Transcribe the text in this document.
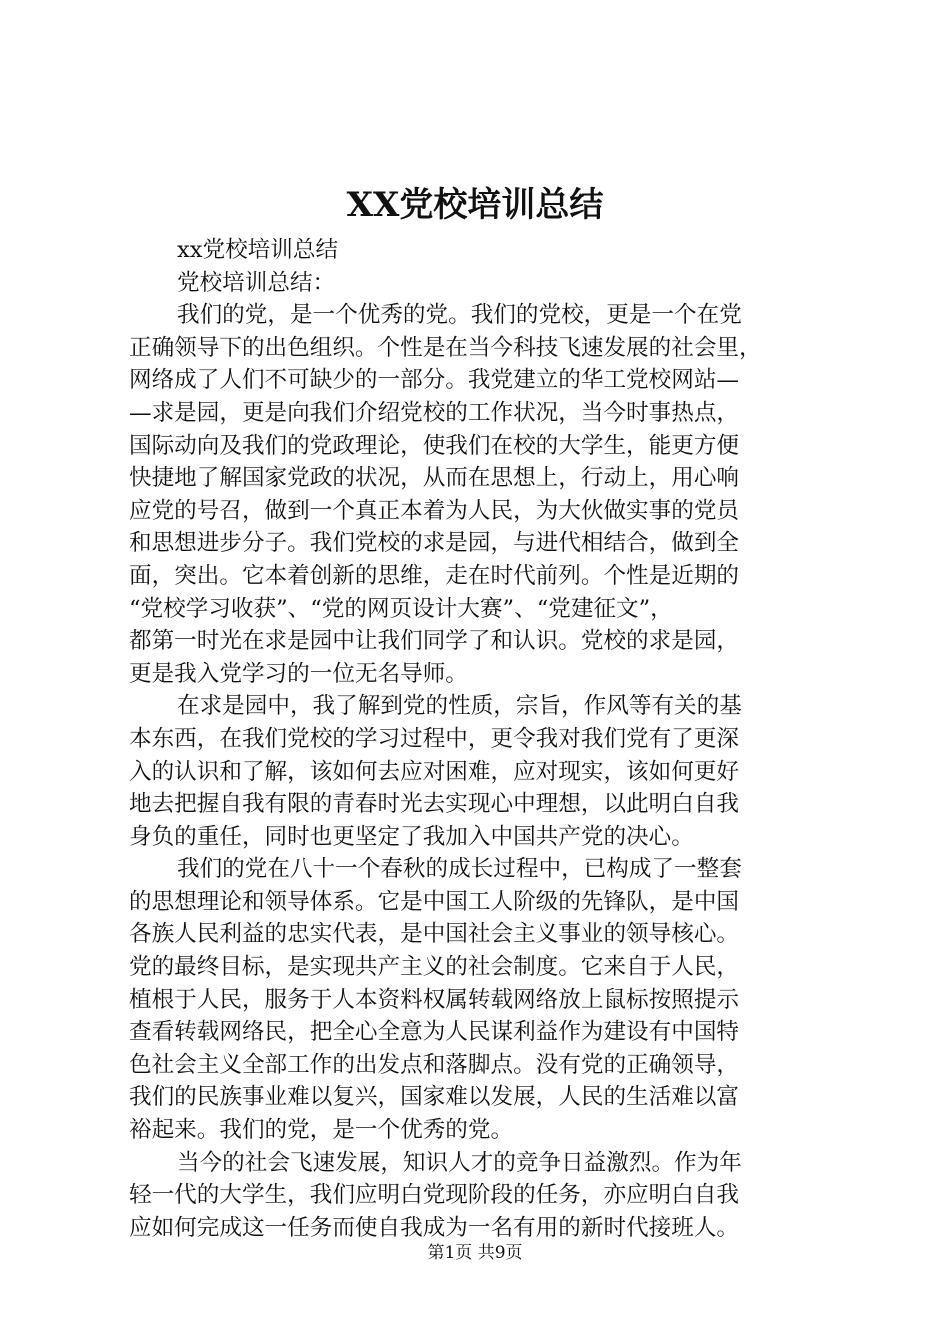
XX党校培训总结
xx党校培训总结
党校培训总结：
我们的党，是一个优秀的党。我们的党校，更是一个在党
正确领导下的出色组织。个性是在当今科技飞速发展的社会里，
网络成了人们不可缺少的一部分。我党建立的华工党校网站—
—求是园，更是向我们介绍党校的工作状况，当今时事热点，
国际动向及我们的党政理论，使我们在校的大学生，能更方便
快捷地了解国家党政的状况，从而在思想上，行动上，用心响
应党的号召，做到一个真正本着为人民，为大伙做实事的党员
和思想进步分子。我们党校的求是园，与进代相结合，做到全
面，突出。它本着创新的思维，走在时代前列。个性是近期的
“党校学习收获”、“党的网页设计大赛”、“党建征文”，
都第一时光在求是园中让我们同学了和认识。党校的求是园，
更是我入党学习的一位无名导师。
在求是园中，我了解到党的性质，宗旨，作风等有关的基
本东西，在我们党校的学习过程中，更令我对我们党有了更深
入的认识和了解，该如何去应对困难，应对现实，该如何更好
地去把握自我有限的青春时光去实现心中理想，以此明白自我
身负的重任，同时也更坚定了我加入中国共产党的决心。
我们的党在八十一个春秋的成长过程中，已构成了一整套
的思想理论和领导体系。它是中国工人阶级的先锋队，是中国
各族人民利益的忠实代表，是中国社会主义事业的领导核心。
党的最终目标，是实现共产主义的社会制度。它来自于人民，
植根于人民，服务于人本资料权属转载网络放上鼠标按照提示
查看转载网络民，把全心全意为人民谋利益作为建设有中国特
色社会主义全部工作的出发点和落脚点。没有党的正确领导，
我们的民族事业难以复兴，国家难以发展，人民的生活难以富
裕起来。我们的党，是一个优秀的党。
当今的社会飞速发展，知识人才的竞争日益激烈。作为年
轻一代的大学生，我们应明白党现阶段的任务，亦应明白自我
应如何完成这一任务而使自我成为一名有用的新时代接班人。
第1页 共9页
